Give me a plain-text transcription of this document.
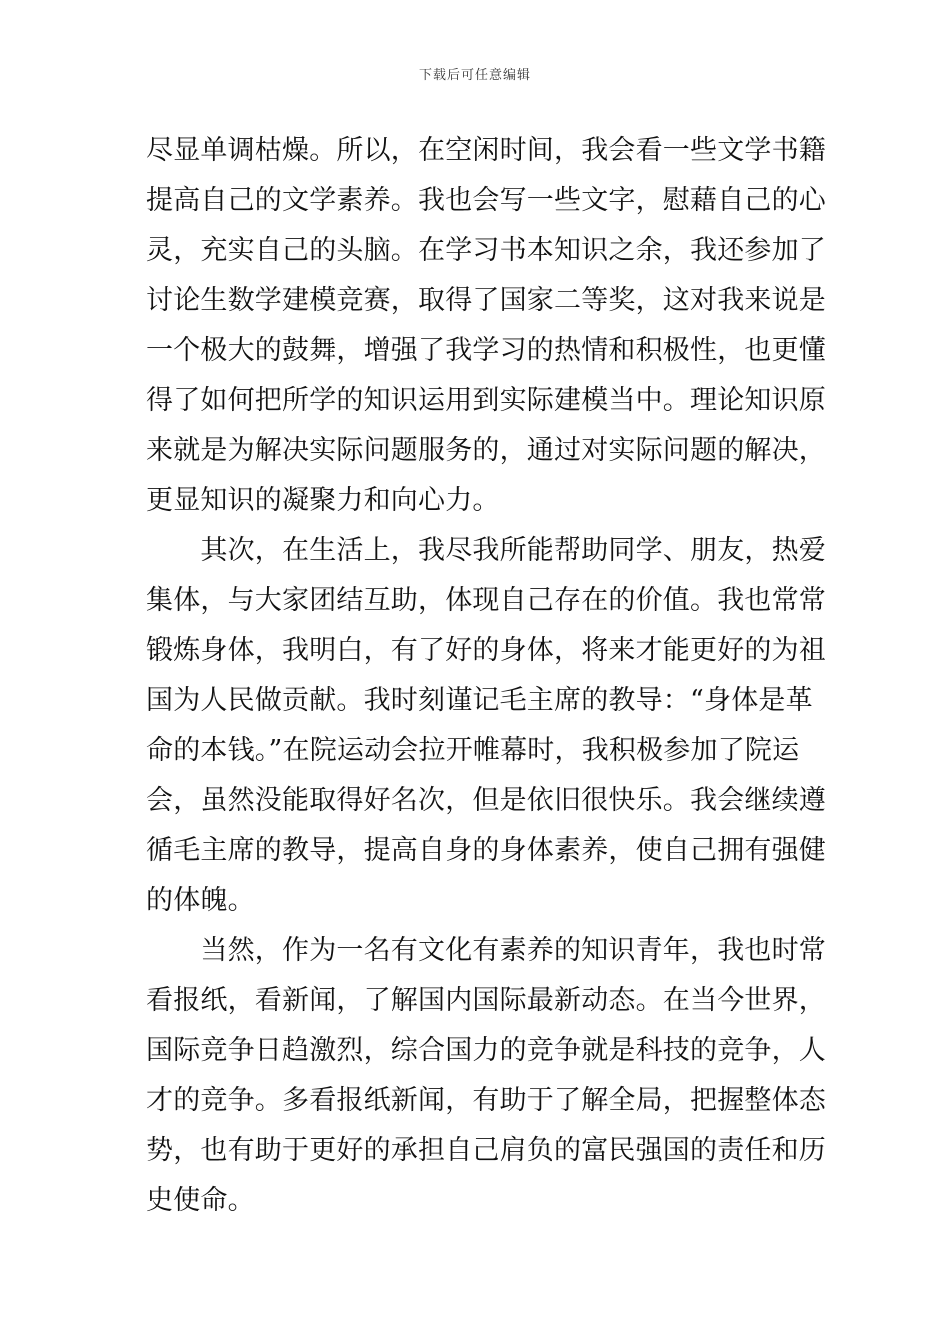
下载后可任意编辑
尽显单调枯燥。所以，在空闲时间，我会看一些文学书籍
提高自己的文学素养。我也会写一些文字，慰藉自己的心
灵，充实自己的头脑。在学习书本知识之余，我还参加了
讨论生数学建模竞赛，取得了国家二等奖，这对我来说是
一个极大的鼓舞，增强了我学习的热情和积极性，也更懂
得了如何把所学的知识运用到实际建模当中。理论知识原
来就是为解决实际问题服务的，通过对实际问题的解决，
更显知识的凝聚力和向心力。
　　其次，在生活上，我尽我所能帮助同学、朋友，热爱
集体，与大家团结互助，体现自己存在的价值。我也常常
锻炼身体，我明白，有了好的身体，将来才能更好的为祖
国为人民做贡献。我时刻谨记毛主席的教导：“身体是革
命的本钱。”在院运动会拉开帷幕时，我积极参加了院运
会，虽然没能取得好名次，但是依旧很快乐。我会继续遵
循毛主席的教导，提高自身的身体素养，使自己拥有强健
的体魄。
　　当然，作为一名有文化有素养的知识青年，我也时常
看报纸，看新闻，了解国内国际最新动态。在当今世界，
国际竞争日趋激烈，综合国力的竞争就是科技的竞争，人
才的竞争。多看报纸新闻，有助于了解全局，把握整体态
势，也有助于更好的承担自己肩负的富民强国的责任和历
史使命。
